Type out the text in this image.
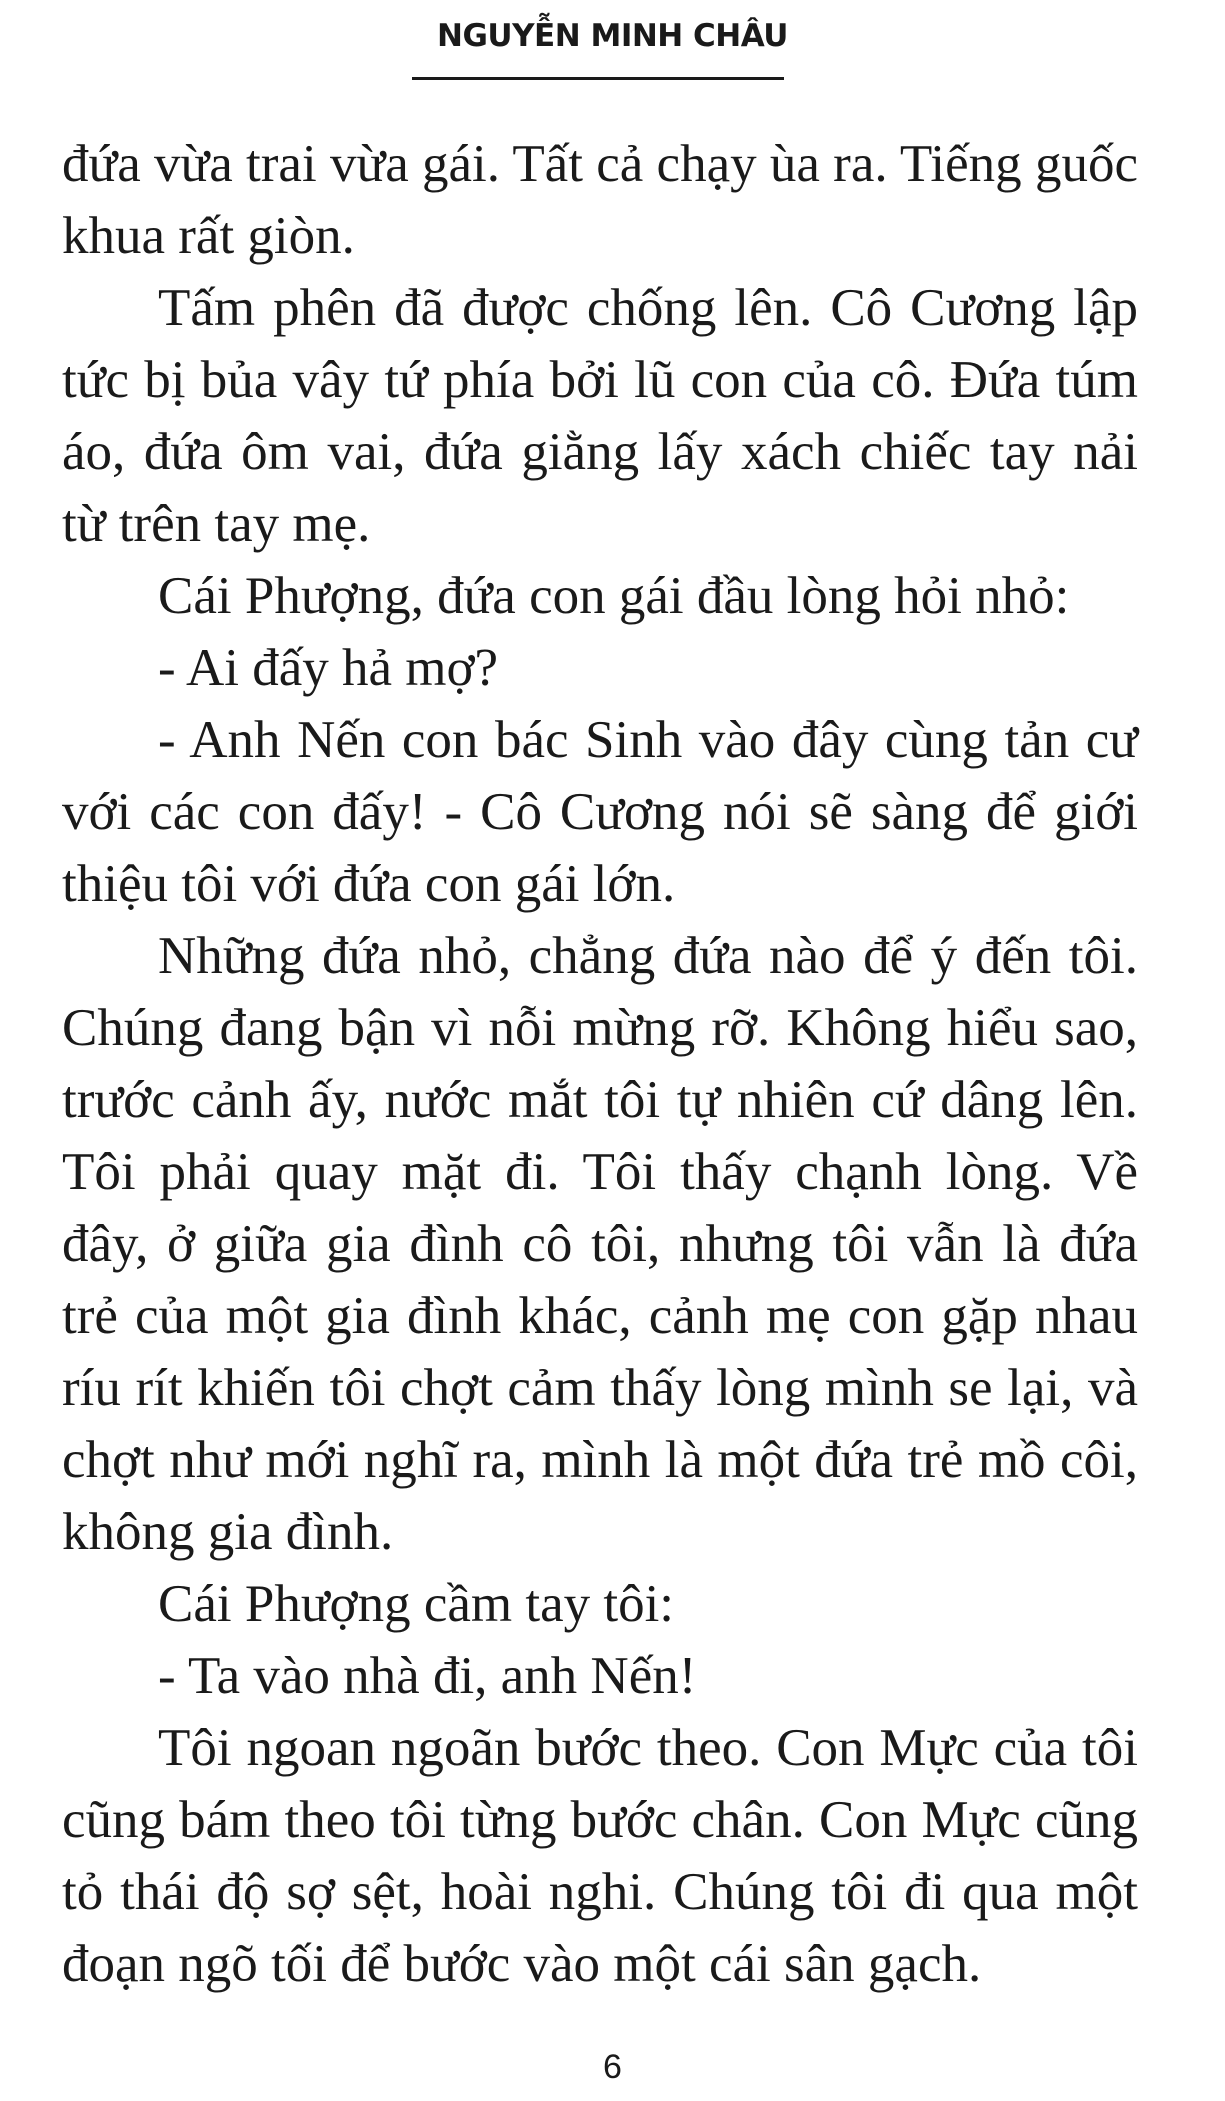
NGUYỄN MINH CHÂU

đứa vừa trai vừa gái. Tất cả chạy ùa ra. Tiếng guốc khua rất giòn.

Tấm phên đã được chống lên. Cô Cương lập tức bị bủa vây tứ phía bởi lũ con của cô. Đứa túm áo, đứa ôm vai, đứa giằng lấy xách chiếc tay nải từ trên tay mẹ.

Cái Phượng, đứa con gái đầu lòng hỏi nhỏ:

- Ai đấy hả mợ?

- Anh Nến con bác Sinh vào đây cùng tản cư với các con đấy! - Cô Cương nói sẽ sàng để giới thiệu tôi với đứa con gái lớn.

Những đứa nhỏ, chẳng đứa nào để ý đến tôi. Chúng đang bận vì nỗi mừng rỡ. Không hiểu sao, trước cảnh ấy, nước mắt tôi tự nhiên cứ dâng lên. Tôi phải quay mặt đi. Tôi thấy chạnh lòng. Về đây, ở giữa gia đình cô tôi, nhưng tôi vẫn là đứa trẻ của một gia đình khác, cảnh mẹ con gặp nhau ríu rít khiến tôi chợt cảm thấy lòng mình se lại, và chợt như mới nghĩ ra, mình là một đứa trẻ mồ côi, không gia đình.

Cái Phượng cầm tay tôi:

- Ta vào nhà đi, anh Nến!

Tôi ngoan ngoãn bước theo. Con Mực của tôi cũng bám theo tôi từng bước chân. Con Mực cũng tỏ thái độ sợ sệt, hoài nghi. Chúng tôi đi qua một đoạn ngõ tối để bước vào một cái sân gạch.

6
